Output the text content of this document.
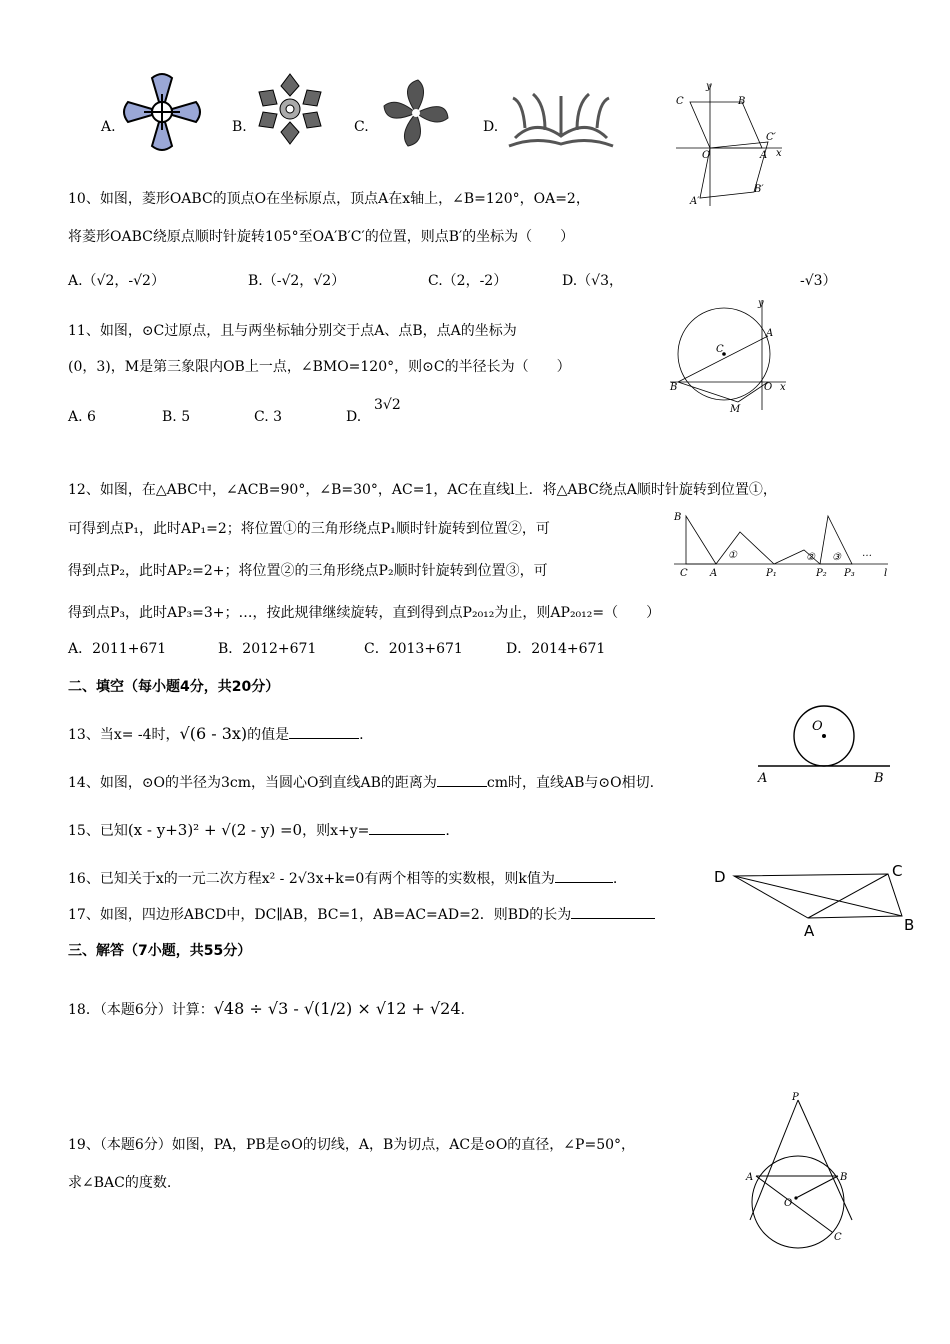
A.	B.	C.	D.
y
C	B
C′
O	A x
A′
B′
10、如图，菱形OABC的顶点O在坐标原点，顶点A在x轴上，∠B=120°，OA=2，
将菱形OABC绕原点顺时针旋转105°至OA′B′C′的位置，则点B′的坐标为（　　）
A.（√2，-√2）	B.（-√2，√2）	C.（2，-2）	D.（√3，	-√3）
y
A
C
B	O x
M
11、如图，⊙C过原点，且与两坐标轴分别交于点A、点B，点A的坐标为
(0，3)，M是第三象限内OB上一点，∠BMO=120°，则⊙C的半径长为（　　）
A. 6	B. 5	C. 3	D.
3√2
12、如图，在△ABC中，∠ACB=90°，∠B=30°，AC=1，AC在直线l上．将△ABC绕点A顺时针旋转到位置①，
可得到点P₁，此时AP₁=2；将位置①的三角形绕点P₁顺时针旋转到位置②，可
得到点P₂，此时AP₂=2+；将位置②的三角形绕点P₂顺时针旋转到位置③，可
得到点P₃，此时AP₃=3+；…，按此规律继续旋转，直到得到点P₂₀₁₂为止，则AP₂₀₁₂=（　　）
B
C A
①
P₁
② ③
P₂ P₃
…
l
A．2011+671	B．2012+671	C．2013+671	D．2014+671
二、填空（每小题4分，共20分）
13、当x= -4时，√(6 - 3x)的值是	.
O
A	B
14、如图，⊙O的半径为3cm，当圆心O到直线AB的距离为	cm时，直线AB与⊙O相切.
15、已知(x - y+3)² + √(2 - y) =0，则x+y=	.
16、已知关于x的一元二次方程x² - 2√3x+k=0有两个相等的实数根，则k值为	.	D	C
A	B
17、如图，四边形ABCD中，DC∥AB，BC=1，AB=AC=AD=2．则BD的长为
三、解答（7小题，共55分）
18．（本题6分）计算：√48 ÷ √3 - √(1/2) × √12 + √24.
P
A	B
O
C
19、（本题6分）如图，PA，PB是⊙O的切线，A，B为切点，AC是⊙O的直径，∠P=50°，
求∠BAC的度数.
